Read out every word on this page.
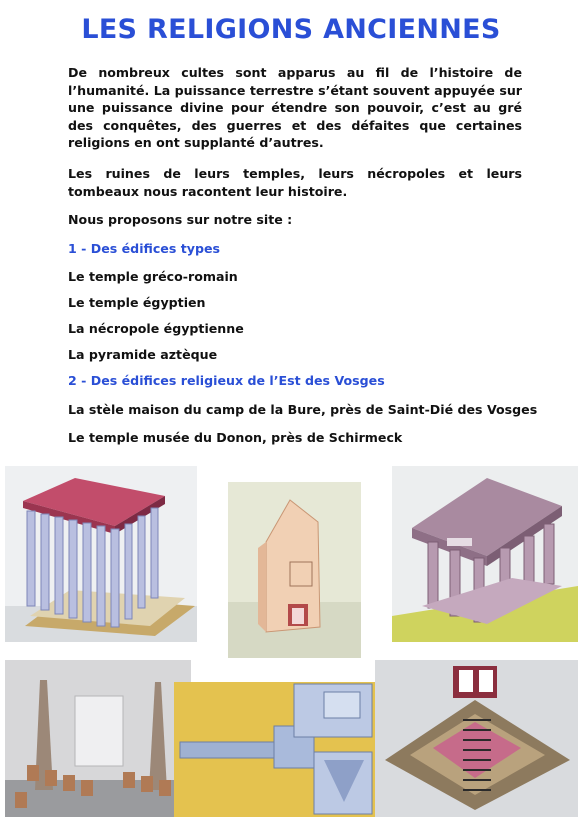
LES RELIGIONS ANCIENNES
De nombreux cultes sont apparus au fil de l’histoire de l’humanité. La puissance terrestre s’étant souvent appuyée sur une puissance divine pour étendre son pouvoir, c’est au gré des conquêtes, des guerres et des défaites que certaines religions en ont supplanté d’autres.
Les ruines de leurs temples, leurs nécropoles et leurs tombeaux nous racontent leur histoire.
Nous proposons sur notre site :
1 - Des édifices types
Le temple gréco-romain
Le temple égyptien
La nécropole égyptienne
La pyramide aztèque
2 - Des édifices religieux de l’Est des Vosges
La stèle maison du camp de la Bure, près de Saint-Dié des Vosges
Le temple musée du Donon, près de Schirmeck
